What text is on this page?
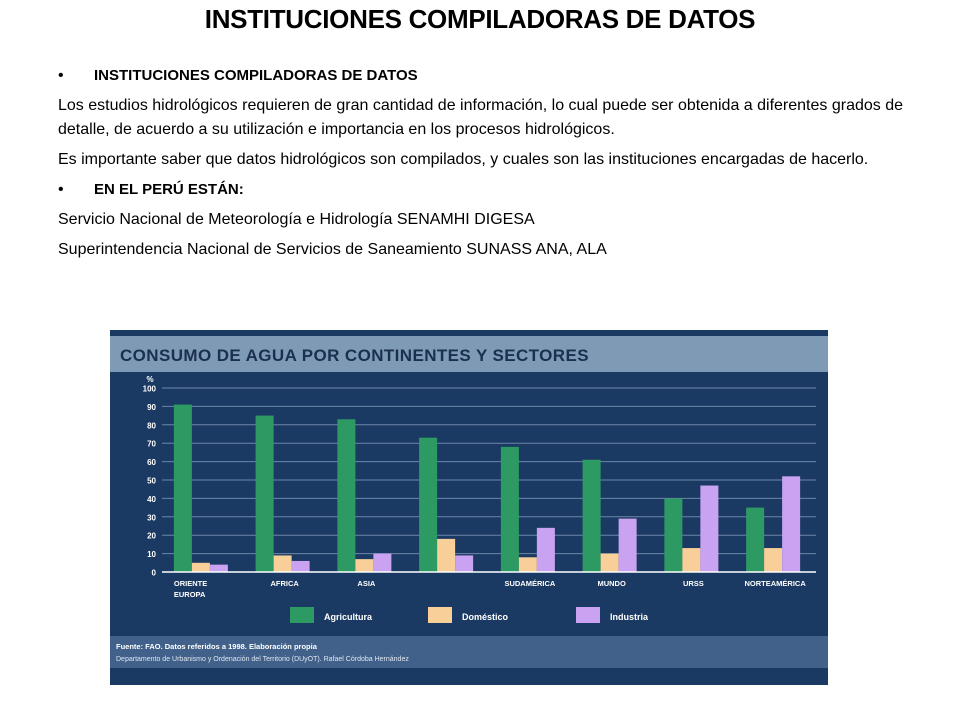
INSTITUCIONES COMPILADORAS DE DATOS
• INSTITUCIONES COMPILADORAS DE DATOS

Los estudios hidrológicos requieren de gran cantidad de información, lo cual puede ser obtenida a diferentes grados de detalle, de acuerdo a su utilización e importancia en los procesos hidrológicos.

Es importante saber que datos hidrológicos son compilados, y cuales son las instituciones encargadas de hacerlo.

• EN EL PERÚ ESTÁN:

Servicio Nacional de Meteorología e Hidrología SENAMHI DIGESA

Superintendencia Nacional de Servicios de Saneamiento SUNASS ANA, ALA

CONSUMO DE AGUA POR CONTINENTES Y SECTORES
0
10
20
30
40
50
60
70
80
90
100
%
ORIENTE
EUROPA
AFRICA	ASIA	SUDAMÉRICA	MUNDO	URSS	NORTEAMÉRICA
Agricultura	Doméstico	Industria
Fuente: FAO. Datos referidos a 1998. Elaboración propia
Departamento de Urbanismo y Ordenación del Territorio (DUyOT). Rafael Córdoba Hernández
